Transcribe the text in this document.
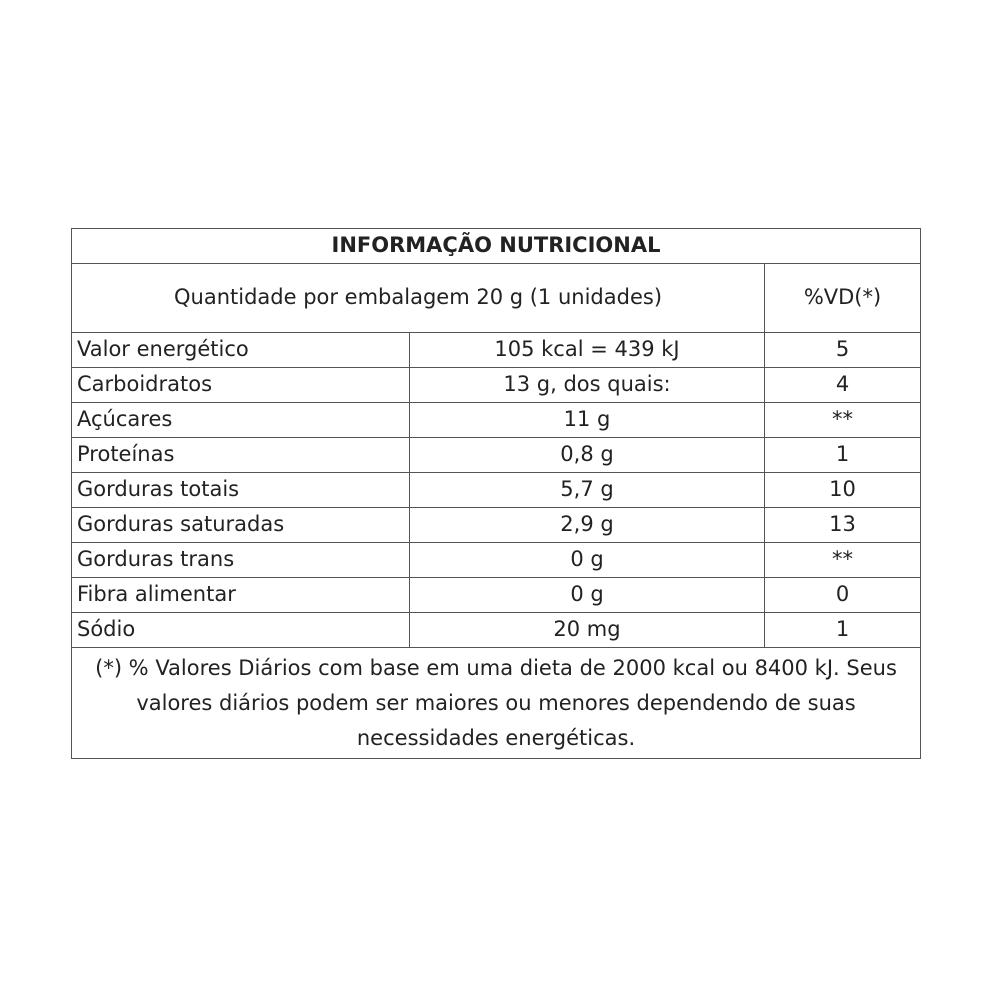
INFORMAÇÃO NUTRICIONAL		
Quantidade por embalagem 20 g (1 unidades)		%VD(*)
Valor energético	105 kcal = 439 kJ	5
Carboidratos	13 g, dos quais:	4
Açúcares	11 g	**
Proteínas	0,8 g	1
Gorduras totais	5,7 g	10
Gorduras saturadas	2,9 g	13
Gorduras trans	0 g	**
Fibra alimentar	0 g	0
Sódio	20 mg	1
(*) % Valores Diários com base em uma dieta de 2000 kcal ou 8400 kJ. Seus valores diários podem ser maiores ou menores dependendo de suas necessidades energéticas.		
